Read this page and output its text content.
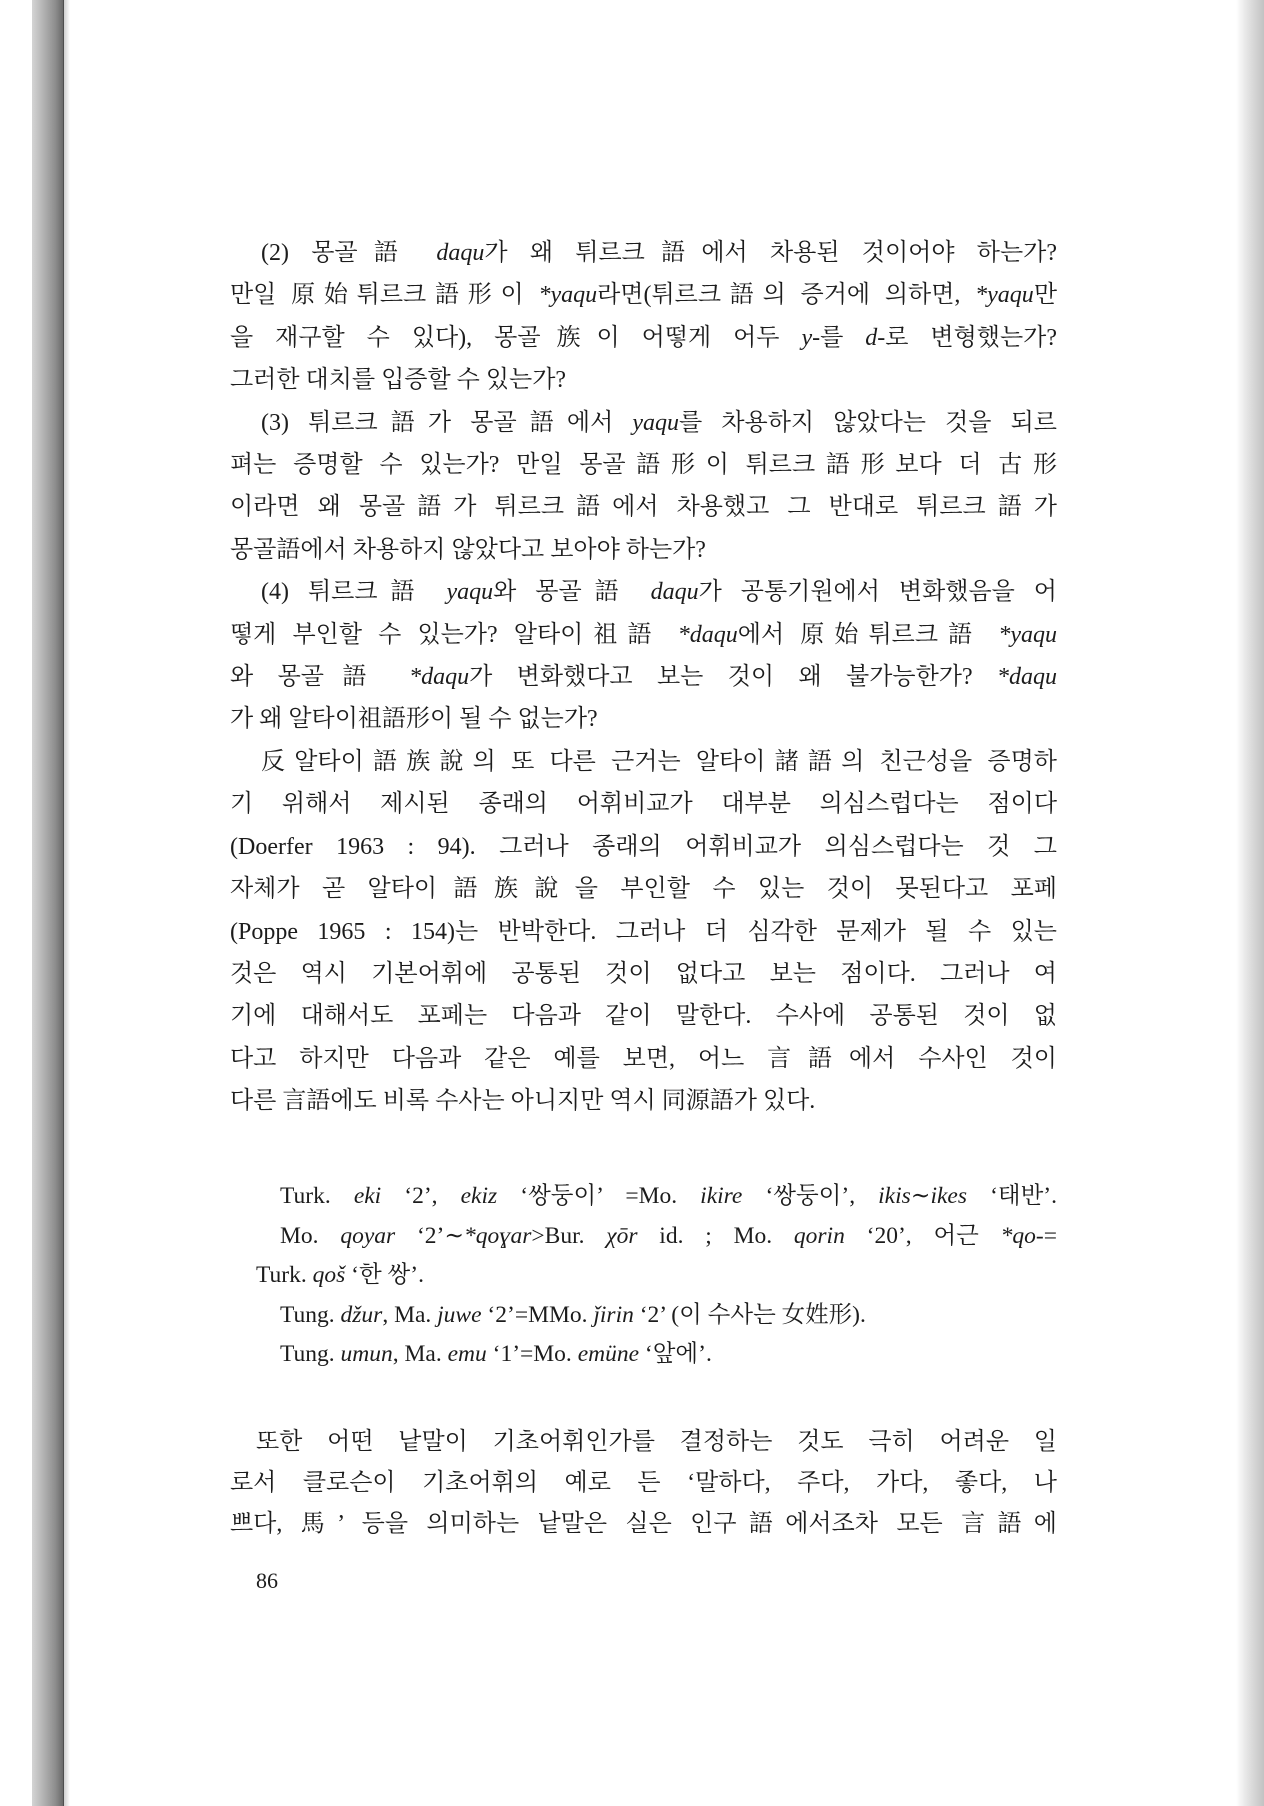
(2) 몽골語 daqu가 왜 튀르크語에서 차용된 것이어야 하는가?
만일 原始튀르크語形이 *yaqu라면(튀르크語의 증거에 의하면, *yaqu만
을 재구할 수 있다), 몽골族이 어떻게 어두 y-를 d-로 변형했는가?
그러한 대치를 입증할 수 있는가?
(3) 튀르크語가 몽골語에서 yaqu를 차용하지 않았다는 것을 되르
펴는 증명할 수 있는가? 만일 몽골語形이 튀르크語形보다 더 古形
이라면 왜 몽골語가 튀르크語에서 차용했고 그 반대로 튀르크語가
몽골語에서 차용하지 않았다고 보아야 하는가?
(4) 튀르크語 yaqu와 몽골語 daqu가 공통기원에서 변화했음을 어
떻게 부인할 수 있는가? 알타이祖語 *daqu에서 原始튀르크語 *yaqu
와 몽골語 *daqu가 변화했다고 보는 것이 왜 불가능한가? *daqu
가 왜 알타이祖語形이 될 수 없는가?
反알타이語族說의 또 다른 근거는 알타이諸語의 친근성을 증명하
기 위해서 제시된 종래의 어휘비교가 대부분 의심스럽다는 점이다
(Doerfer 1963 : 94). 그러나 종래의 어휘비교가 의심스럽다는 것 그
자체가 곧 알타이語族說을 부인할 수 있는 것이 못된다고 포페
(Poppe 1965 : 154)는 반박한다. 그러나 더 심각한 문제가 될 수 있는
것은 역시 기본어휘에 공통된 것이 없다고 보는 점이다. 그러나 여
기에 대해서도 포페는 다음과 같이 말한다. 수사에 공통된 것이 없
다고 하지만 다음과 같은 예를 보면, 어느 言語에서 수사인 것이
다른 言語에도 비록 수사는 아니지만 역시 同源語가 있다.
Turk. eki ‘2’, ekiz ‘쌍둥이’ =Mo. ikire ‘쌍둥이’, ikis∼ikes ‘태반’.
Mo. qoyar ‘2’∼*qoɣar>Bur. χōr id. ; Mo. qorin ‘20’, 어근 *qo-=
Turk. qoš ‘한 쌍’.
Tung. džur, Ma. juwe ‘2’=MMo. ǰirin ‘2’ (이 수사는 女姓形).
Tung. umun, Ma. emu ‘1’=Mo. emüne ‘앞에’.
또한 어떤 낱말이 기초어휘인가를 결정하는 것도 극히 어려운 일
로서 클로슨이 기초어휘의 예로 든 ‘말하다, 주다, 가다, 좋다, 나
쁘다, 馬’ 등을 의미하는 낱말은 실은 인구語에서조차 모든 言語에
86
